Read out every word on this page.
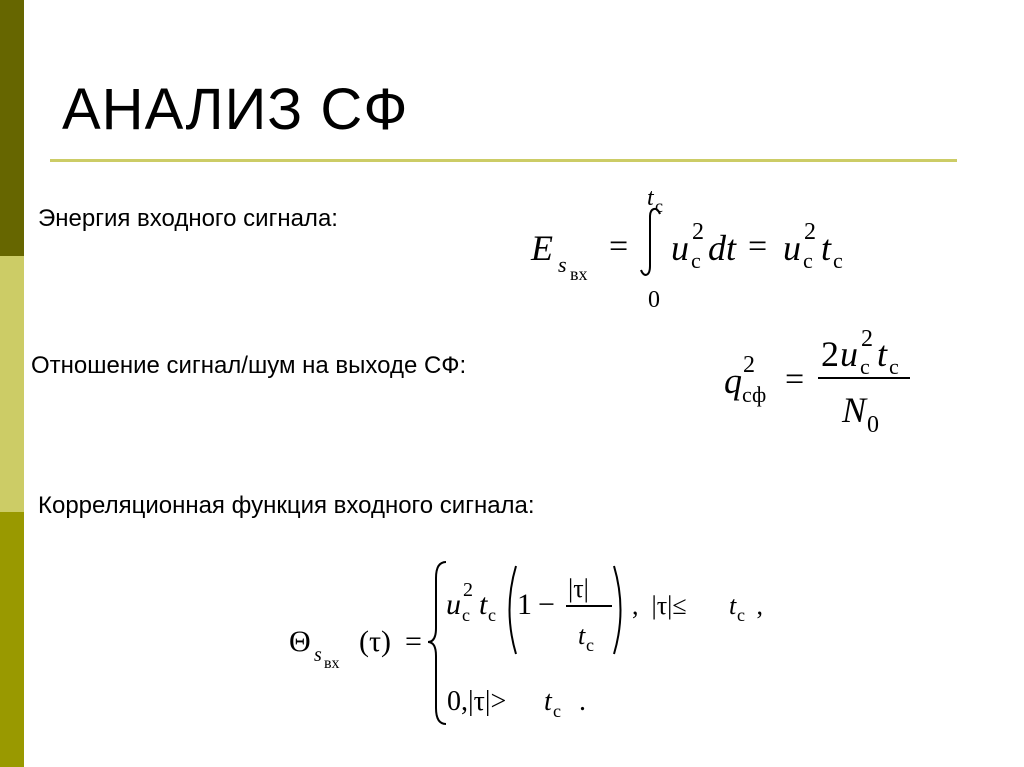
АНАЛИЗ СФ
Энергия входного сигнала:
Отношение сигнал/шум на выходе СФ:
Корреляционная функция входного сигнала:
E s вх
=
t c
0
u 2
c dt = u 2
c t c
q 2
сф =
2 u 2
c t c
N 0
Θ s вх
(τ) =
u 2
c t c 1 − |τ|
t c
,  |τ|≤ t c ,
0,|τ|> t c .
